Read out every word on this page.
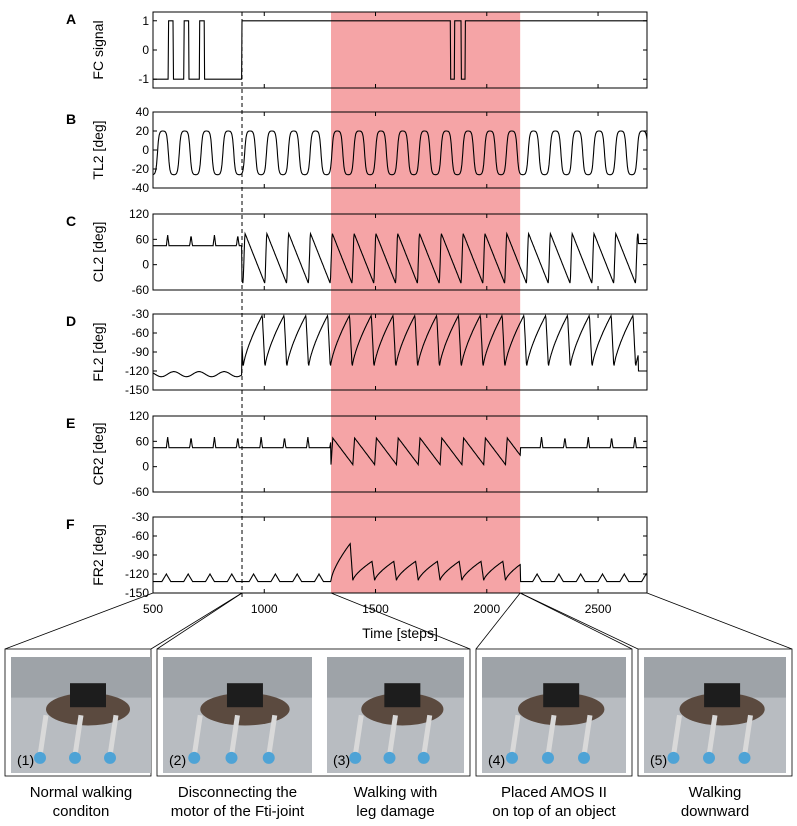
A
FC signal	1
0
-1
B
TL2 [deg]
40
20
0
-20
-40
C
CL2 [deg]
120
60
0
-60
D
FL2 [deg]
-30
-60
-90
-120
-150
E CR2 [deg]
120
60
0
-60
F
FR2 [deg]
-30
-60
-90
-120
-150
500	1000	1500	2000	2500
Time [steps]
(1)
Normal walking
conditon
(2)
Disconnecting the
motor of the Fti-joint
(3)
Walking with
leg damage
(4)
Placed AMOS II
on top of an object
(5)
Walking
downward
